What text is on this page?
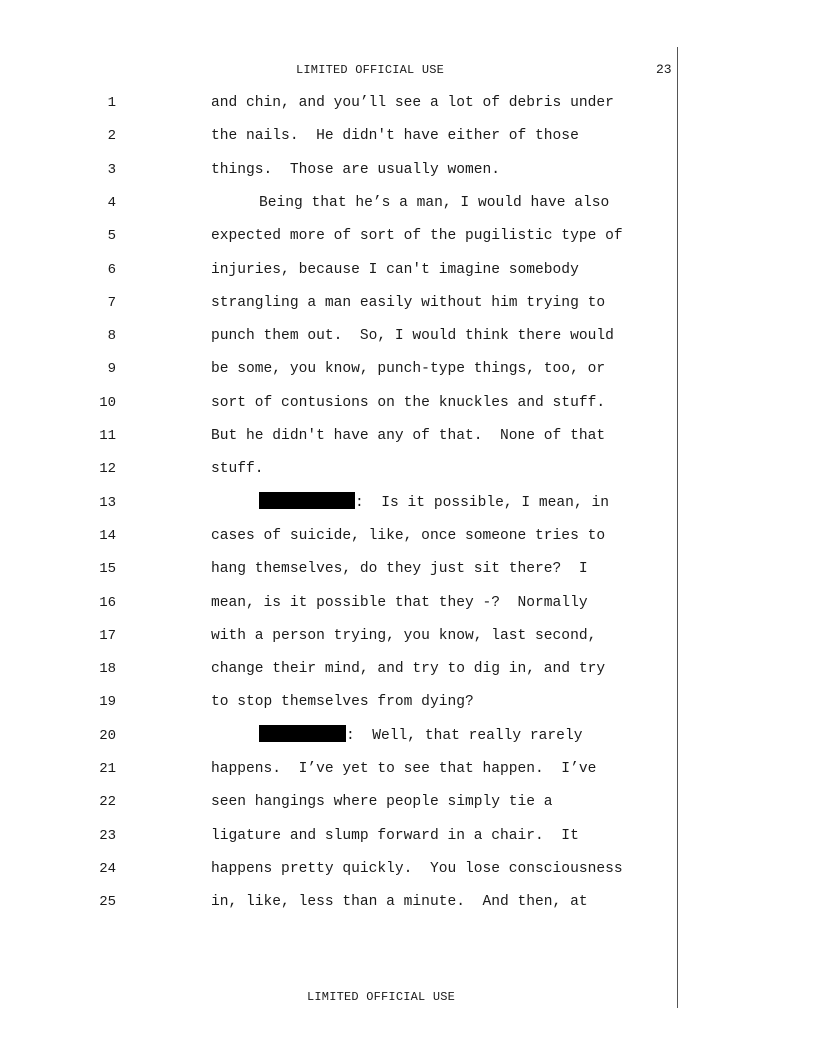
LIMITED OFFICIAL USE	23
1	and chin, and you’ll see a lot of debris under
2	the nails.  He didn't have either of those
3	things.  Those are usually women.
4	Being that he’s a man, I would have also
5	expected more of sort of the pugilistic type of
6	injuries, because I can't imagine somebody
7	strangling a man easily without him trying to
8	punch them out.  So, I would think there would
9	be some, you know, punch-type things, too, or
10	sort of contusions on the knuckles and stuff.
11	But he didn't have any of that.  None of that
12	stuff.
13	:  Is it possible, I mean, in
14	cases of suicide, like, once someone tries to
15	hang themselves, do they just sit there?  I
16	mean, is it possible that they -?  Normally
17	with a person trying, you know, last second,
18	change their mind, and try to dig in, and try
19	to stop themselves from dying?
20	:  Well, that really rarely
21	happens.  I’ve yet to see that happen.  I’ve
22	seen hangings where people simply tie a
23	ligature and slump forward in a chair.  It
24	happens pretty quickly.  You lose consciousness
25	in, like, less than a minute.  And then, at
LIMITED OFFICIAL USE
